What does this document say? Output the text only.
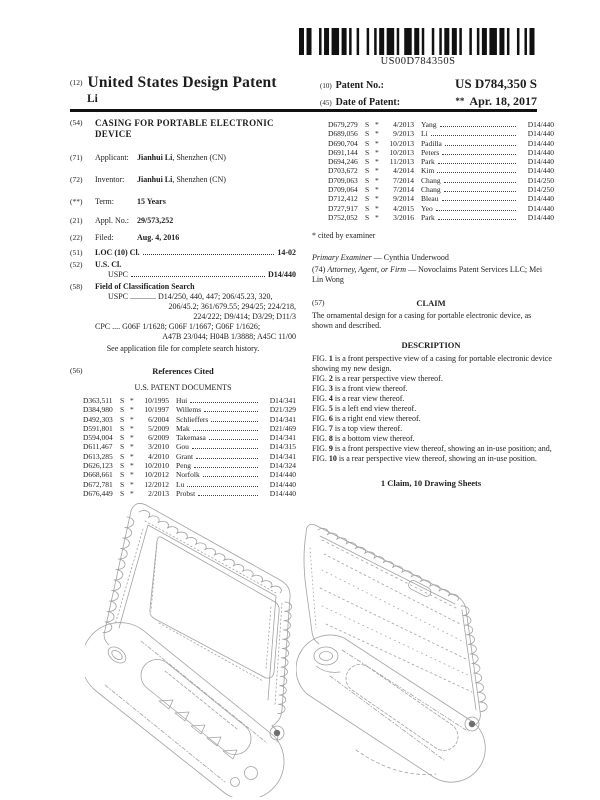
US00D784350S
(12) United States Design Patent
Li
(10) Patent No.:	US D784,350 S
(45) Date of Patent:	** Apr. 18, 2017
(54)	CASING FOR PORTABLE ELECTRONIC DEVICE
(71)	Applicant: Jianhui Li, Shenzhen (CN)
(72)	Inventor: Jianhui Li, Shenzhen (CN)
(**)	Term:	15 Years
(21)	Appl. No.: 29/573,252
(22)	Filed:	Aug. 4, 2016
(51)	LOC (10) Cl.	14-02
(52)	U.S. Cl.
USPC	D14/440
(58)	Field of Classification Search
USPC ............. D14/250, 440, 447; 206/45.23, 320,
206/45.2; 361/679.55; 294/25; 224/218,
224/222; D9/414; D3/29; D11/3
CPC .... G06F 1/1628; G06F 1/1667; G06F 1/1626;
A47B 23/044; H04B 1/3888; A45C 11/00
See application file for complete search history.
(56)	References Cited
U.S. PATENT DOCUMENTS
D363,511 S *	10/1995 Hui	D14/341
D384,980 S *	10/1997 Willems	D21/329
D492,303 S *	6/2004 Schlieffers	D14/341
D591,801 S *	5/2009 Mak	D21/469
D594,004 S *	6/2009 Takemasa	D14/341
D611,467 S *	3/2010 Gou	D14/315
D613,285 S *	4/2010 Grant	D14/341
D626,123 S *	10/2010 Peng	D14/324
D668,661 S *	10/2012 Norfolk	D14/440
D672,781 S *	12/2012 Lu	D14/440
D676,449 S *	2/2013 Probst	D14/440
D679,279 S *	4/2013 Yang	D14/440
D689,056 S *	9/2013 Li	D14/440
D690,704 S *	10/2013 Padilla	D14/440
D691,144 S *	10/2013 Peters	D14/440
D694,246 S *	11/2013 Park	D14/440
D703,672 S *	4/2014 Kim	D14/440
D709,063 S *	7/2014 Chang	D14/250
D709,064 S *	7/2014 Chang	D14/250
D712,412 S *	9/2014 Bleau	D14/440
D727,917 S *	4/2015 Yeo	D14/440
D752,052 S *	3/2016 Park	D14/440
* cited by examiner
Primary Examiner — Cynthia Underwood
(74) Attorney, Agent, or Firm — Novoclaims Patent Services LLC; Mei Lin Wong
(57)	CLAIM
The ornamental design for a casing for portable electronic device, as shown and described.
DESCRIPTION

FIG. 1 is a front perspective view of a casing for portable electronic device showing my new design.

FIG. 2 is a rear perspective view thereof.

FIG. 3 is a front view thereof.

FIG. 4 is a rear view thereof.

FIG. 5 is a left end view thereof.

FIG. 6 is a right end view thereof.

FIG. 7 is a top view thereof.

FIG. 8 is a bottom view thereof.

FIG. 9 is a front perspective view thereof, showing an in-use position; and,

FIG. 10 is a rear perspective view thereof, showing an in-use position.

1 Claim, 10 Drawing Sheets
